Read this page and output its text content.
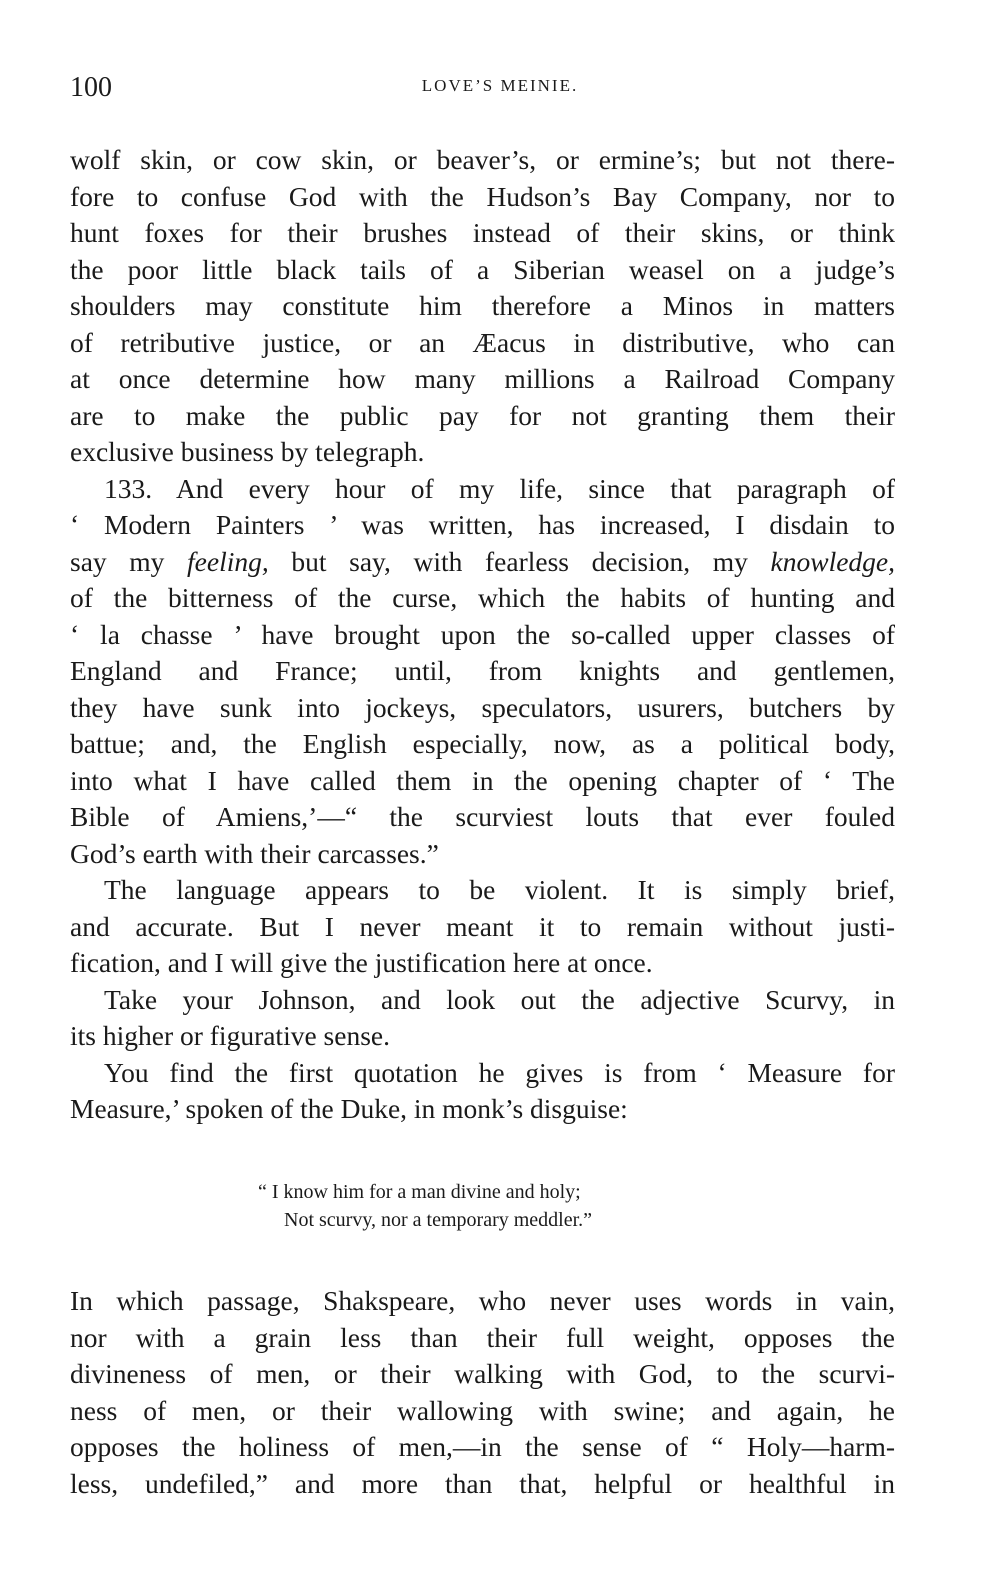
100	LOVE’S MEINIE.
wolf skin, or cow skin, or beaver’s, or ermine’s; but not there-
fore to confuse God with the Hudson’s Bay Company, nor to
hunt foxes for their brushes instead of their skins, or think
the poor little black tails of a Siberian weasel on a judge’s
shoulders may constitute him therefore a Minos in matters
of retributive justice, or an Æacus in distributive, who can
at once determine how many millions a Railroad Company
are to make the public pay for not granting them their
exclusive business by telegraph.
133. And every hour of my life, since that paragraph of
‘ Modern Painters ’ was written, has increased, I disdain to
say my feeling, but say, with fearless decision, my knowledge,
of the bitterness of the curse, which the habits of hunting and
‘ la chasse ’ have brought upon the so-called upper classes of
England and France; until, from knights and gentlemen,
they have sunk into jockeys, speculators, usurers, butchers by
battue; and, the English especially, now, as a political body,
into what I have called them in the opening chapter of ‘ The
Bible of Amiens,’—“ the scurviest louts that ever fouled
God’s earth with their carcasses.”
The language appears to be violent. It is simply brief,
and accurate. But I never meant it to remain without justi-
fication, and I will give the justification here at once.
Take your Johnson, and look out the adjective Scurvy, in
its higher or figurative sense.
You find the first quotation he gives is from ‘ Measure for
Measure,’ spoken of the Duke, in monk’s disguise:
“ I know him for a man divine and holy;
Not scurvy, nor a temporary meddler.”
In which passage, Shakspeare, who never uses words in vain,
nor with a grain less than their full weight, opposes the
divineness of men, or their walking with God, to the scurvi-
ness of men, or their wallowing with swine; and again, he
opposes the holiness of men,—in the sense of “ Holy—harm-
less, undefiled,” and more than that, helpful or healthful in
